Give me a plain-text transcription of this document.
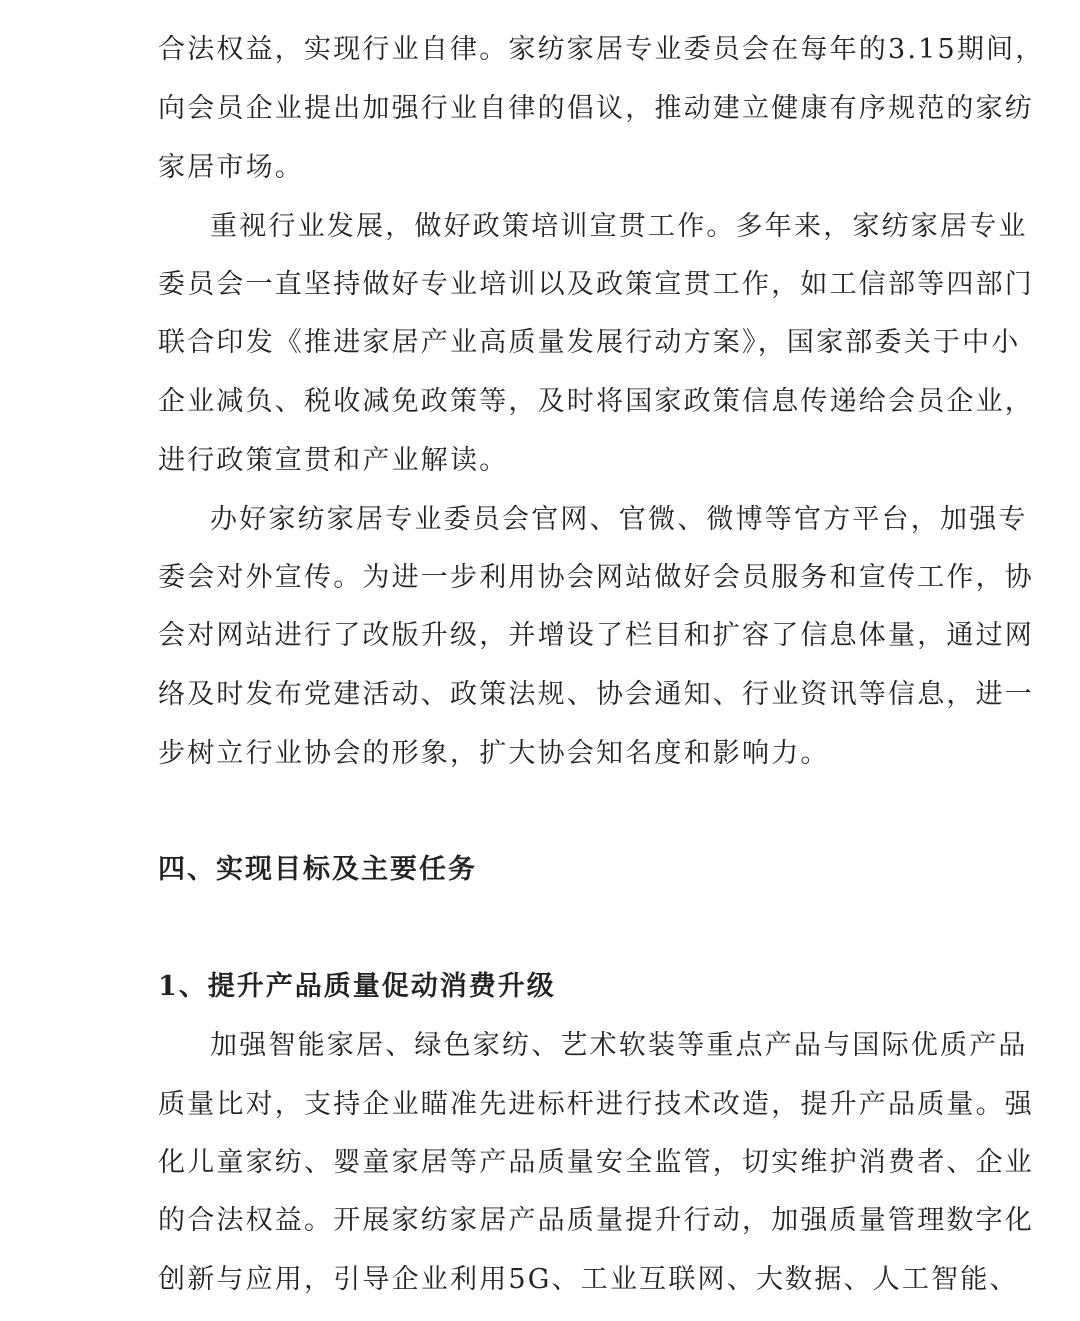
合法权益，实现行业自律。家纺家居专业委员会在每年的3.15期间，
向会员企业提出加强行业自律的倡议，推动建立健康有序规范的家纺
家居市场。
重视行业发展，做好政策培训宣贯工作。多年来，家纺家居专业
委员会一直坚持做好专业培训以及政策宣贯工作，如工信部等四部门
联合印发《推进家居产业高质量发展行动方案》，国家部委关于中小
企业减负、税收减免政策等，及时将国家政策信息传递给会员企业，
进行政策宣贯和产业解读。
办好家纺家居专业委员会官网、官微、微博等官方平台，加强专
委会对外宣传。为进一步利用协会网站做好会员服务和宣传工作，协
会对网站进行了改版升级，并增设了栏目和扩容了信息体量，通过网
络及时发布党建活动、政策法规、协会通知、行业资讯等信息，进一
步树立行业协会的形象，扩大协会知名度和影响力。
四、实现目标及主要任务
1、提升产品质量促动消费升级
加强智能家居、绿色家纺、艺术软装等重点产品与国际优质产品
质量比对，支持企业瞄准先进标杆进行技术改造，提升产品质量。强
化儿童家纺、婴童家居等产品质量安全监管，切实维护消费者、企业
的合法权益。开展家纺家居产品质量提升行动，加强质量管理数字化
创新与应用，引导企业利用5G、工业互联网、大数据、人工智能、
